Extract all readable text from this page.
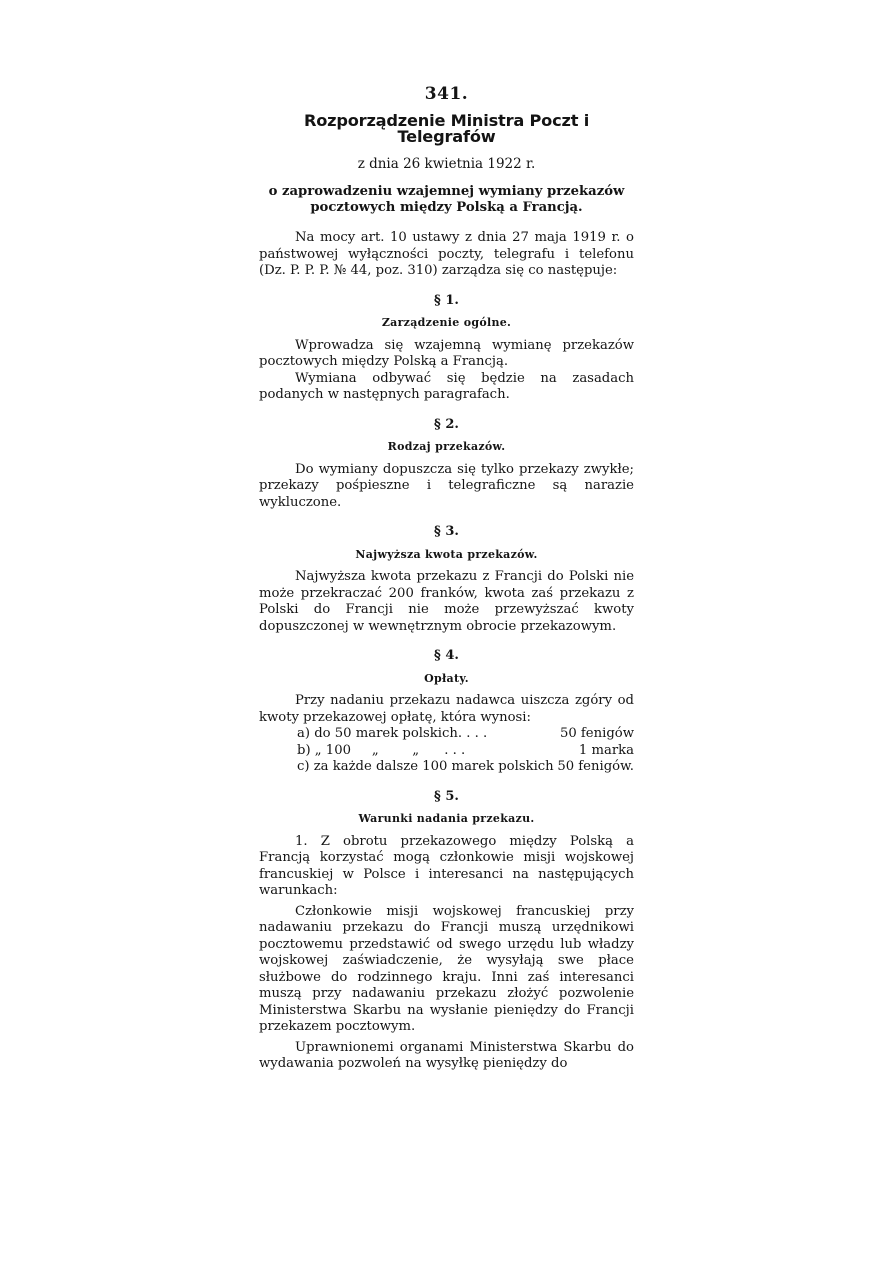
341.
Rozporządzenie Ministra Poczt i Telegrafów
z dnia 26 kwietnia 1922 r.
o zaprowadzeniu wzajemnej wymiany przekazów
pocztowych między Polską a Francją.

Na mocy art. 10 ustawy z dnia 27 maja 1919 r. o państwowej wyłączności poczty, telegrafu i telefonu (Dz. P. P. P. № 44, poz. 310) zarządza się co następuje:

§ 1.
Zarządzenie ogólne.

Wprowadza się wzajemną wymianę przekazów pocztowych między Polską a Francją.

Wymiana odbywać się będzie na zasadach podanych w następnych paragrafach.

§ 2.
Rodzaj przekazów.

Do wymiany dopuszcza się tylko przekazy zwykłe; przekazy pośpieszne i telegraficzne są narazie wykluczone.

§ 3.
Najwyższa kwota przekazów.

Najwyższa kwota przekazu z Francji do Polski nie może przekraczać 200 franków, kwota zaś przekazu z Polski do Francji nie może przewyższać kwoty dopuszczonej w wewnętrznym obrocie przekazowym.

§ 4.
Opłaty.

Przy nadaniu przekazu nadawca uiszcza zgóry od kwoty przekazowej opłatę, która wynosi:

a) do 50 marek polskich. . . .	50 fenigów
b) „ 100     „        „      . . .	1 marka
c) za każde dalsze 100 marek polskich 50 fenigów.
§ 5.
Warunki nadania przekazu.

1. Z obrotu przekazowego między Polską a Francją korzystać mogą członkowie misji wojskowej francuskiej w Polsce i interesanci na następujących warunkach:

Członkowie misji wojskowej francuskiej przy nadawaniu przekazu do Francji muszą urzędnikowi pocztowemu przedstawić od swego urzędu lub władzy wojskowej zaświadczenie, że wysyłają swe płace służbowe do rodzinnego kraju. Inni zaś interesanci muszą przy nadawaniu przekazu złożyć pozwolenie Ministerstwa Skarbu na wysłanie pieniędzy do Francji przekazem pocztowym.

Uprawnionemi organami Ministerstwa Skarbu do wydawania pozwoleń na wysyłkę pieniędzy do
